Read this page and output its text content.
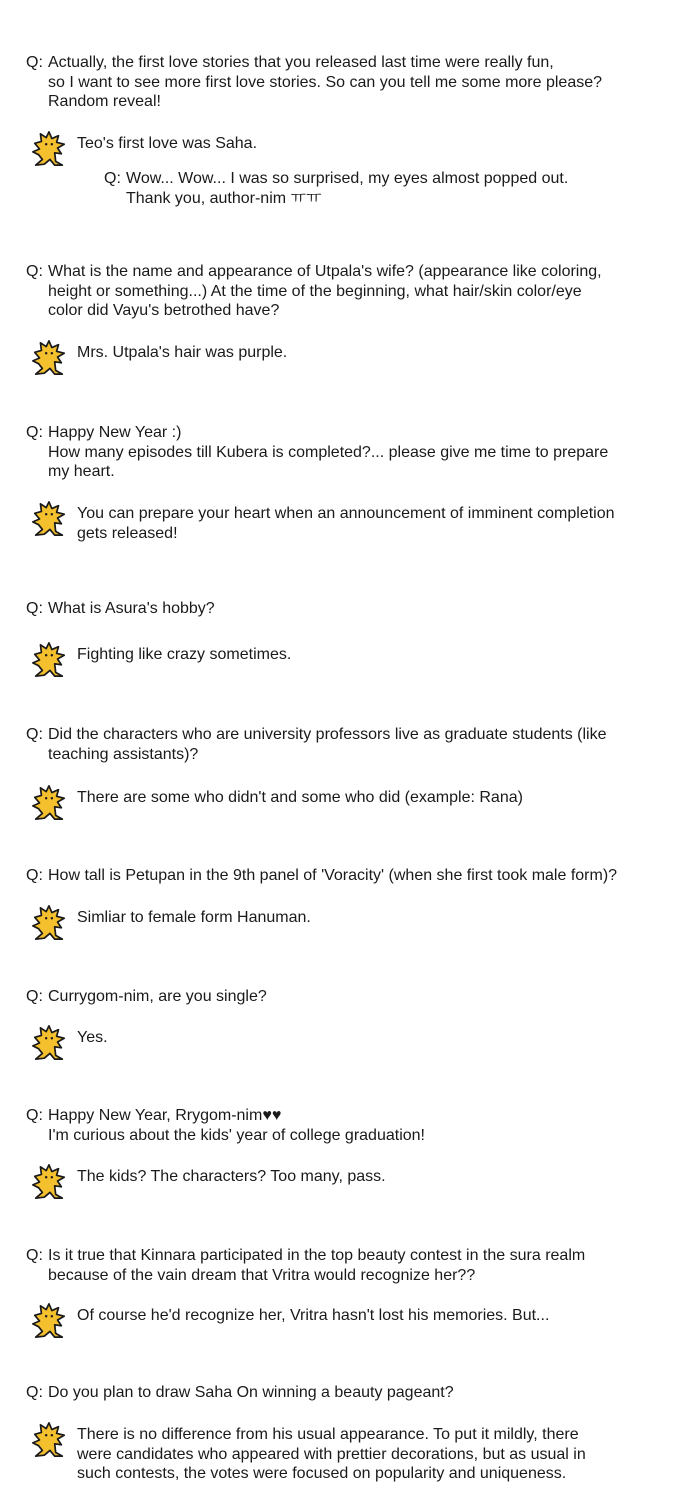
Q: Actually, the first love stories that you released last time were really fun,
so I want to see more first love stories. So can you tell me some more please?
Random reveal!
Teo's first love was Saha.
Q: Wow... Wow... I was so surprised, my eyes almost popped out.
Thank you, author-nim ㅠㅠ
Q: What is the name and appearance of Utpala's wife? (appearance like coloring,
height or something...) At the time of the beginning, what hair/skin color/eye
color did Vayu's betrothed have?
Mrs. Utpala's hair was purple.
Q: Happy New Year :)
How many episodes till Kubera is completed?... please give me time to prepare
my heart.
You can prepare your heart when an announcement of imminent completion
gets released!
Q: What is Asura's hobby?
Fighting like crazy sometimes.
Q: Did the characters who are university professors live as graduate students (like
teaching assistants)?
There are some who didn't and some who did (example: Rana)
Q: How tall is Petupan in the 9th panel of 'Voracity' (when she first took male form)?
Simliar to female form Hanuman.
Q: Currygom-nim, are you single?
Yes.
Q: Happy New Year, Rrygom-nim♥♥
I'm curious about the kids' year of college graduation!
The kids? The characters? Too many, pass.
Q: Is it true that Kinnara participated in the top beauty contest in the sura realm
because of the vain dream that Vritra would recognize her??
Of course he'd recognize her, Vritra hasn't lost his memories. But...
Q: Do you plan to draw Saha On winning a beauty pageant?
There is no difference from his usual appearance. To put it mildly, there
were candidates who appeared with prettier decorations, but as usual in
such contests, the votes were focused on popularity and uniqueness.
